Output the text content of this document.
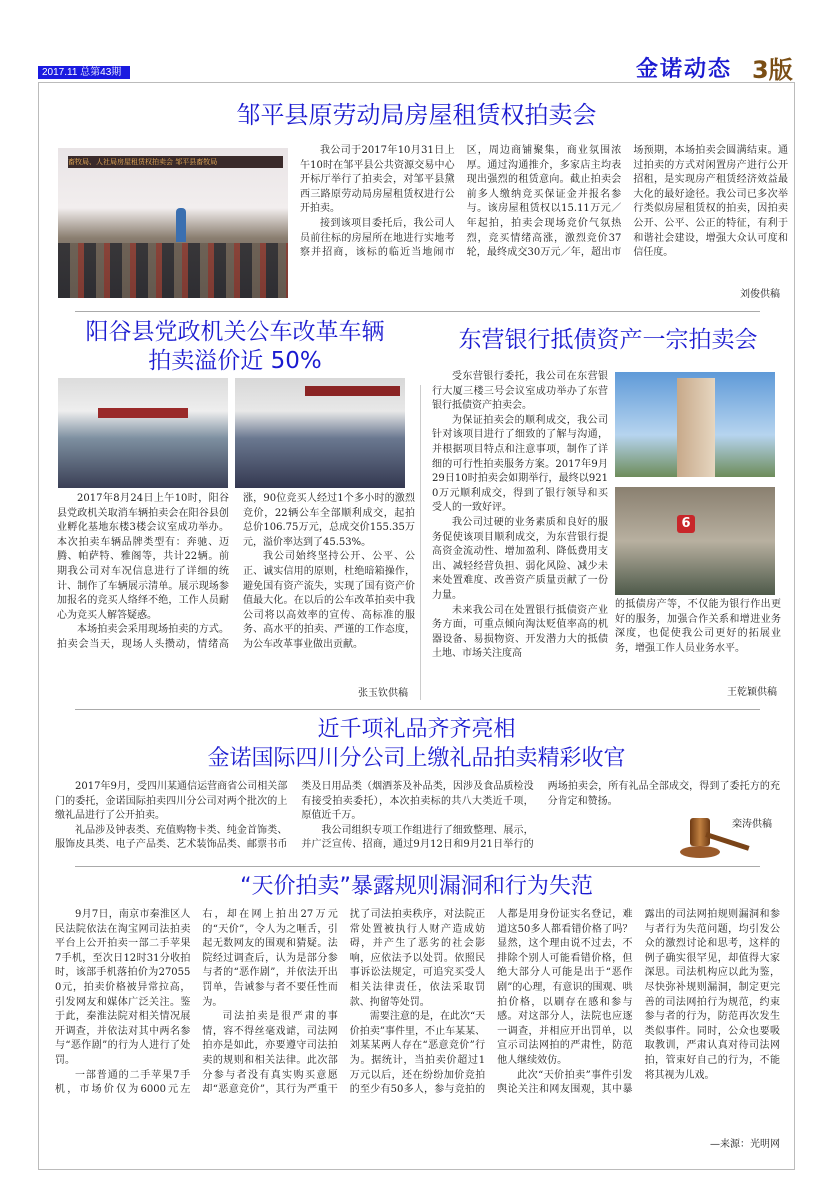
2017.11 总第43期	金诺动态 3版
邹平县原劳动局房屋租赁权拍卖会
畜牧局、人社局房屋租赁权拍卖会 邹平县畜牧局

我公司于2017年10月31日上午10时在邹平县公共资源交易中心开标厅举行了拍卖会，对邹平县黛西三路原劳动局房屋租赁权进行公开拍卖。

接到该项目委托后，我公司人员前往标的房屋所在地进行实地考察并招商，该标的临近当地闹市区，周边商铺聚集，商业氛围浓厚。通过沟通推介，多家店主均表现出强烈的租赁意向。截止拍卖会前多人缴纳竞买保证金并报名参与。该房屋租赁权以15.11万元／年起拍，拍卖会现场竞价气氛热烈，竞买情绪高涨，激烈竞价37轮，最终成交30万元／年，超出市场预期，本场拍卖会圆满结束。通过拍卖的方式对闲置房产进行公开招租，是实现房产租赁经济效益最大化的最好途径。我公司已多次举行类似房屋租赁权的拍卖，因拍卖公开、公平、公正的特征，有利于和谐社会建设，增强大众认可度和信任度。

刘俊供稿
阳谷县党政机关公车改革车辆
拍卖溢价近 50%

2017年8月24日上午10时，阳谷县党政机关取消车辆拍卖会在阳谷县创业孵化基地东楼3楼会议室成功举办。本次拍卖车辆品牌类型有：奔驰、迈腾、帕萨特、雅阁等，共计22辆。前期我公司对车况信息进行了详细的统计、制作了车辆展示清单。展示现场参加报名的竞买人络绎不绝，工作人员耐心为竞买人解答疑惑。

本场拍卖会采用现场拍卖的方式。拍卖会当天，现场人头攒动，情绪高涨，90位竞买人经过1个多小时的激烈竞价，22辆公车全部顺利成交，起拍总价106.75万元，总成交价155.35万元，溢价率达到了45.53%。

我公司始终坚持公开、公平、公正、诚实信用的原则，杜绝暗箱操作，避免国有资产流失，实现了国有资产价值最大化。在以后的公车改革拍卖中我公司将以高效率的宣传、高标准的服务、高水平的拍卖、严谨的工作态度，为公车改革事业做出贡献。

张玉钦供稿
东营银行抵债资产一宗拍卖会

受东营银行委托，我公司在东营银行大厦三楼三号会议室成功举办了东营银行抵债资产拍卖会。

为保证拍卖会的顺利成交，我公司针对该项目进行了细致的了解与沟通，并根据项目特点和注意事项，制作了详细的可行性拍卖服务方案。2017年9月29日10时拍卖会如期举行，最终以9210万元顺利成交，得到了银行领导和买受人的一致好评。

我公司过硬的业务素质和良好的服务促使该项目顺利成交，为东营银行提高资金流动性、增加盈利、降低费用支出、减轻经营负担、弱化风险、减少未来处置难度、改善资产质量贡献了一份力量。

未来我公司在处置银行抵债资产业务方面，可重点倾向淘汰贬值率高的机器设备、易损物资、开发潜力大的抵债土地、市场关注度高

6
的抵债房产等，不仅能为银行作出更好的服务，加强合作关系和增进业务深度，也促使我公司更好的拓展业务，增强工作人员业务水平。
王乾颖供稿
近千项礼品齐齐亮相
金诺国际四川分公司上缴礼品拍卖精彩收官

2017年9月，受四川某通信运营商省公司相关部门的委托，金诺国际拍卖四川分公司对两个批次的上缴礼品进行了公开拍卖。

礼品涉及钟表类、充值购物卡类、纯金首饰类、服饰皮具类、电子产品类、艺术装饰品类、邮票书币类及日用品类（烟酒茶及补品类，因涉及食品质检没有接受拍卖委托），本次拍卖标的共八大类近千项，原值近千万。

我公司组织专项工作组进行了细致整理、展示，并广泛宣传、招商，通过9月12日和9月21日举行的两场拍卖会，所有礼品全部成交，得到了委托方的充分肯定和赞扬。

栾涛供稿
“天价拍卖”暴露规则漏洞和行为失范

9月7日，南京市秦淮区人民法院依法在淘宝网司法拍卖平台上公开拍卖一部二手苹果7手机，至次日12时31分收拍时，该部手机落拍价为270550元，拍卖价格被异常拉高，引发网友和媒体广泛关注。鉴于此，秦淮法院对相关情况展开调查，并依法对其中两名参与“恶作剧”的行为人进行了处罚。

一部普通的二手苹果7手机，市场价仅为6000元左右，却在网上拍出27万元的“天价”，令人为之咂舌，引起无数网友的围观和猜疑。法院经过调查后，认为是部分参与者的“恶作剧”，并依法开出罚单，告诫参与者不要任性而为。

司法拍卖是很严肃的事情，容不得丝毫戏谑，司法网拍亦是如此，亦要遵守司法拍卖的规则和相关法律。此次部分参与者没有真实购买意愿却“恶意竞价”，其行为严重干扰了司法拍卖秩序，对法院正常处置被执行人财产造成妨碍，并产生了恶劣的社会影响，应依法予以处罚。依照民事诉讼法规定，可追究买受人相关法律责任，依法采取罚款、拘留等处罚。

需要注意的是，在此次“天价拍卖”事件里，不止车某某、刘某某两人存在“恶意竞价”行为。据统计，当拍卖价超过1万元以后，还在纷纷加价竞拍的至少有50多人，参与竞拍的人都是用身份证实名登记，难道这50多人都看错价格了吗？显然，这个理由说不过去，不排除个别人可能看错价格，但绝大部分人可能是出于“恶作剧”的心理，有意识的围观、哄拍价格，以刷存在感和参与感。对这部分人，法院也应逐一调查，并相应开出罚单，以宣示司法网拍的严肃性，防范他人继续效仿。

此次“天价拍卖”事件引发舆论关注和网友围观，其中暴露出的司法网拍规则漏洞和参与者行为失范问题，均引发公众的激烈讨论和思考，这样的例子确实很罕见，却值得大家深思。司法机构应以此为鉴，尽快弥补规则漏洞，制定更完善的司法网拍行为规范，约束参与者的行为，防范再次发生类似事件。同时，公众也要吸取教训，严肃认真对待司法网拍，管束好自己的行为，不能将其视为儿戏。

—来源：光明网
